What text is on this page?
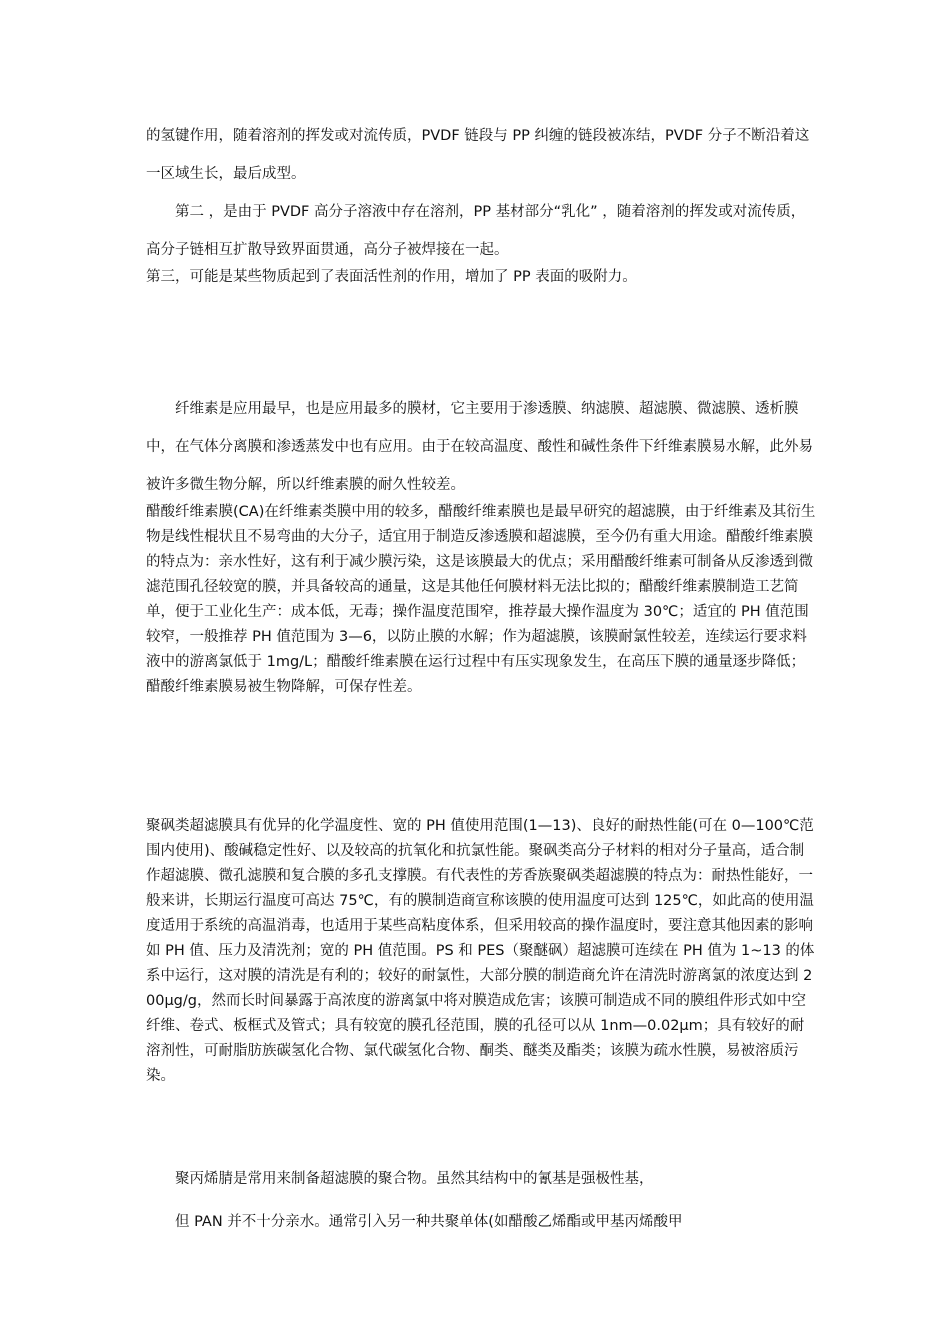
的氢键作用，随着溶剂的挥发或对流传质，PVDF 链段与 PP 纠缠的链段被冻结，PVDF 分子不断沿着这一区域生长，最后成型。

第二 ，是由于 PVDF 高分子溶液中存在溶剂，PP 基材部分“乳化” ，随着溶剂的挥发或对流传质，高分子链相互扩散导致界面贯通，高分子被焊接在一起。

第三，可能是某些物质起到了表面活性剂的作用，增加了 PP 表面的吸附力。

纤维素是应用最早，也是应用最多的膜材，它主要用于渗透膜、纳滤膜、超滤膜、微滤膜、透析膜中，在气体分离膜和渗透蒸发中也有应用。由于在较高温度、酸性和碱性条件下纤维素膜易水解，此外易被许多微生物分解，所以纤维素膜的耐久性较差。

醋酸纤维素膜(CA)在纤维素类膜中用的较多，醋酸纤维素膜也是最早研究的超滤膜，由于纤维素及其衍生物是线性棍状且不易弯曲的大分子，适宜用于制造反渗透膜和超滤膜，至今仍有重大用途。醋酸纤维素膜的特点为：亲水性好，这有利于减少膜污染，这是该膜最大的优点；采用醋酸纤维素可制备从反渗透到微滤范围孔径较宽的膜，并具备较高的通量，这是其他任何膜材料无法比拟的；醋酸纤维素膜制造工艺简单，便于工业化生产：成本低，无毒；操作温度范围窄，推荐最大操作温度为 30℃；适宜的 PH 值范围较窄，一般推荐 PH 值范围为 3—6，以防止膜的水解；作为超滤膜，该膜耐氯性较差，连续运行要求料液中的游离氯低于 1mg/L；醋酸纤维素膜在运行过程中有压实现象发生，在高压下膜的通量逐步降低；醋酸纤维素膜易被生物降解，可保存性差。

聚砜类超滤膜具有优异的化学温度性、宽的 PH 值使用范围(1—13)、良好的耐热性能(可在 0—100℃范围内使用)、酸碱稳定性好、以及较高的抗氧化和抗氯性能。聚砜类高分子材料的相对分子量高，适合制作超滤膜、微孔滤膜和复合膜的多孔支撑膜。有代表性的芳香族聚砜类超滤膜的特点为：耐热性能好，一般来讲，长期运行温度可高达 75℃，有的膜制造商宣称该膜的使用温度可达到 125℃，如此高的使用温度适用于系统的高温消毒，也适用于某些高粘度体系，但采用较高的操作温度时，要注意其他因素的影响如 PH 值、压力及清洗剂；宽的 PH 值范围。PS 和 PES（聚醚砜）超滤膜可连续在 PH 值为 1~13 的体系中运行，这对膜的清洗是有利的；较好的耐氯性，大部分膜的制造商允许在清洗时游离氯的浓度达到 200μg/g，然而长时间暴露于高浓度的游离氯中将对膜造成危害；该膜可制造成不同的膜组件形式如中空纤维、卷式、板框式及管式；具有较宽的膜孔径范围，膜的孔径可以从 1nm—0.02μm；具有较好的耐溶剂性，可耐脂肪族碳氢化合物、氯代碳氢化合物、酮类、醚类及酯类；该膜为疏水性膜，易被溶质污染。

聚丙烯腈是常用来制备超滤膜的聚合物。虽然其结构中的氰基是强极性基，

但 PAN 并不十分亲水。通常引入另一种共聚单体(如醋酸乙烯酯或甲基丙烯酸甲
